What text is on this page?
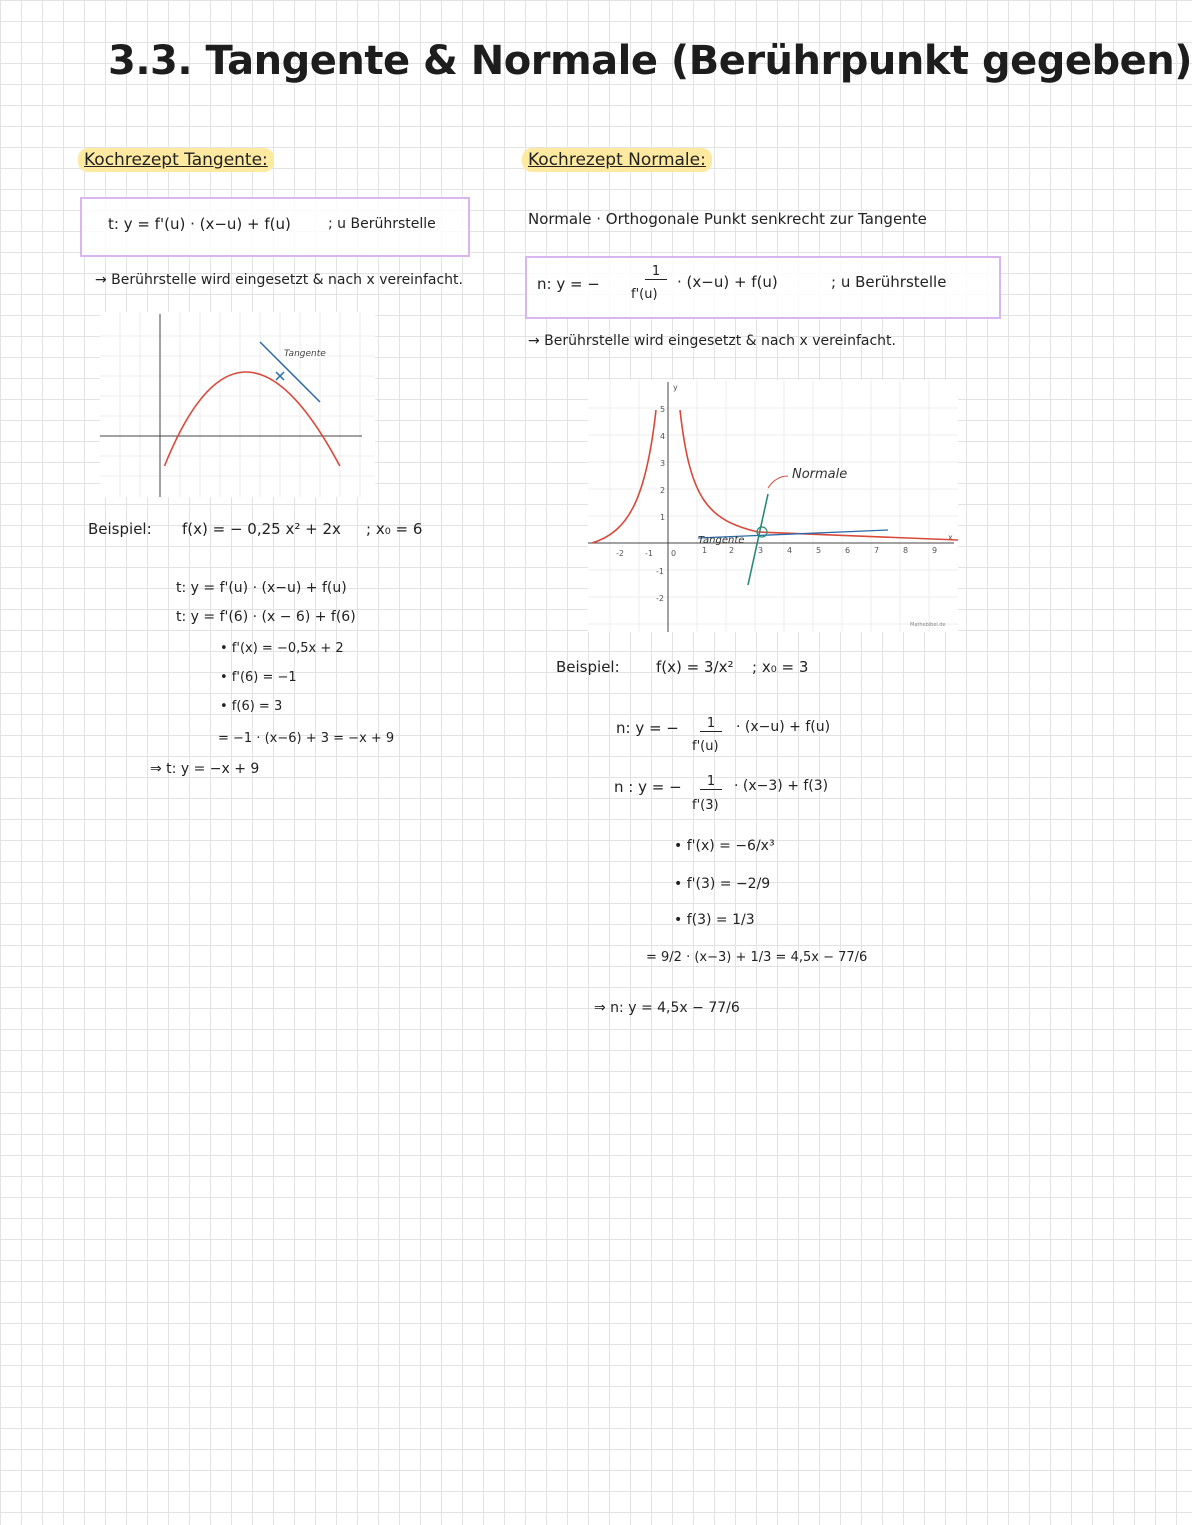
3.3. Tangente & Normale (Berührpunkt gegeben)
Kochrezept Tangente:
t: y = f'(u) · (x−u) + f(u)	; u Berührstelle
→ Berührstelle wird eingesetzt & nach x vereinfacht.
Tangente
Beispiel: f(x) = − 0,25 x² + 2x ; x₀ = 6
t: y = f'(u) · (x−u) + f(u)
t: y = f'(6) · (x − 6) + f(6)
• f'(x) = −0,5x + 2
• f'(6) = −1
• f(6) = 3
= −1 · (x−6) + 3 = −x + 9
⇒ t: y = −x + 9
Kochrezept Normale:
Normale · Orthogonale Punkt senkrecht zur Tangente
n: y = −
1
f'(u)
· (x−u) + f(u)	; u Berührstelle
→ Berührstelle wird eingesetzt & nach x vereinfacht.
-2	-1 0	1	2	3	4	5	6	7	8	9
5
4
3
2
1
-1
-2
x
y
Normale
Tangente
Mathebibel.de
Beispiel: f(x) = 3/x² ; x₀ = 3
n: y = −	1
f'(u)
· (x−u) + f(u)
n : y = −	1
f'(3)
· (x−3) + f(3)
• f'(x) = −6/x³
• f'(3) = −2/9
• f(3) = 1/3
= 9/2 · (x−3) + 1/3 = 4,5x − 77/6
⇒ n: y = 4,5x − 77/6
